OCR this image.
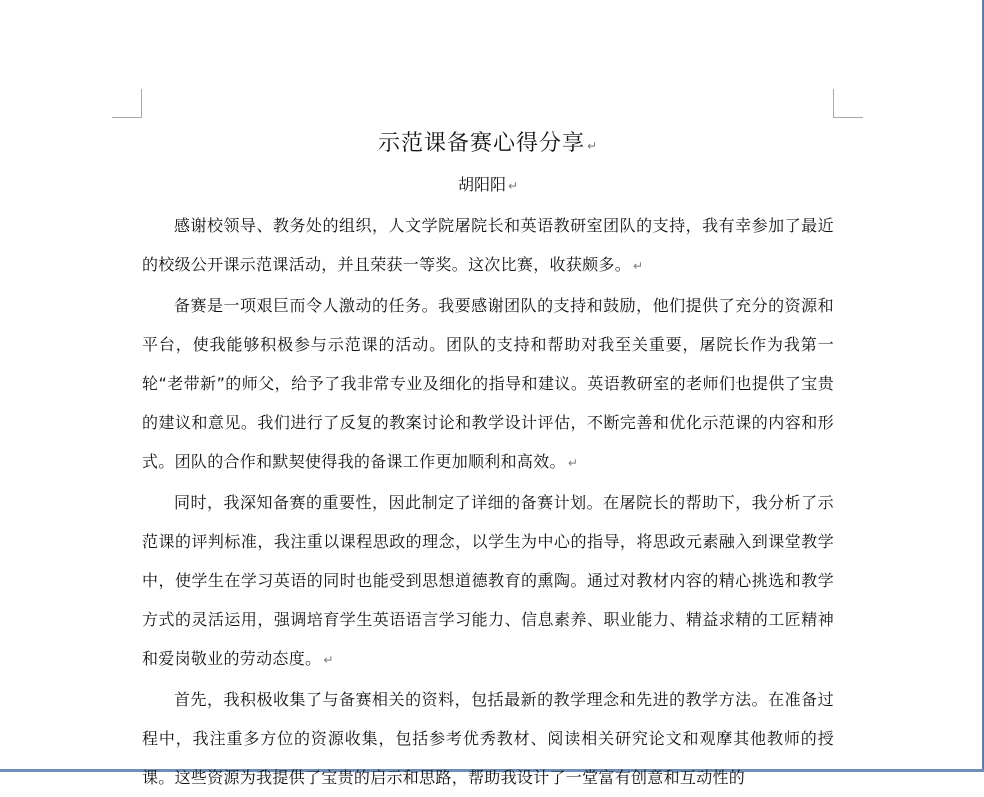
示范课备赛心得分享 ↵

胡阳阳 ↵

感谢校领导、教务处的组织，人文学院屠院长和英语教研室团队的支持，我有幸参加了最近的校级公开课示范课活动，并且荣获一等奖。这次比赛，收获颇多。 ↵

备赛是一项艰巨而令人激动的任务。我要感谢团队的支持和鼓励，他们提供了充分的资源和平台，使我能够积极参与示范课的活动。团队的支持和帮助对我至关重要，屠院长作为我第一轮“老带新”的师父，给予了我非常专业及细化的指导和建议。英语教研室的老师们也提供了宝贵的建议和意见。我们进行了反复的教案讨论和教学设计评估，不断完善和优化示范课的内容和形式。团队的合作和默契使得我的备课工作更加顺利和高效。 ↵

同时，我深知备赛的重要性，因此制定了详细的备赛计划。在屠院长的帮助下，我分析了示范课的评判标准，我注重以课程思政的理念，以学生为中心的指导，将思政元素融入到课堂教学中，使学生在学习英语的同时也能受到思想道德教育的熏陶。通过对教材内容的精心挑选和教学方式的灵活运用，强调培育学生英语语言学习能力、信息素养、职业能力、精益求精的工匠精神和爱岗敬业的劳动态度。 ↵

首先，我积极收集了与备赛相关的资料，包括最新的教学理念和先进的教学方法。在准备过程中，我注重多方位的资源收集，包括参考优秀教材、阅读相关研究论文和观摩其他教师的授课。这些资源为我提供了宝贵的启示和思路，帮助我设计了一堂富有创意和互动性的
